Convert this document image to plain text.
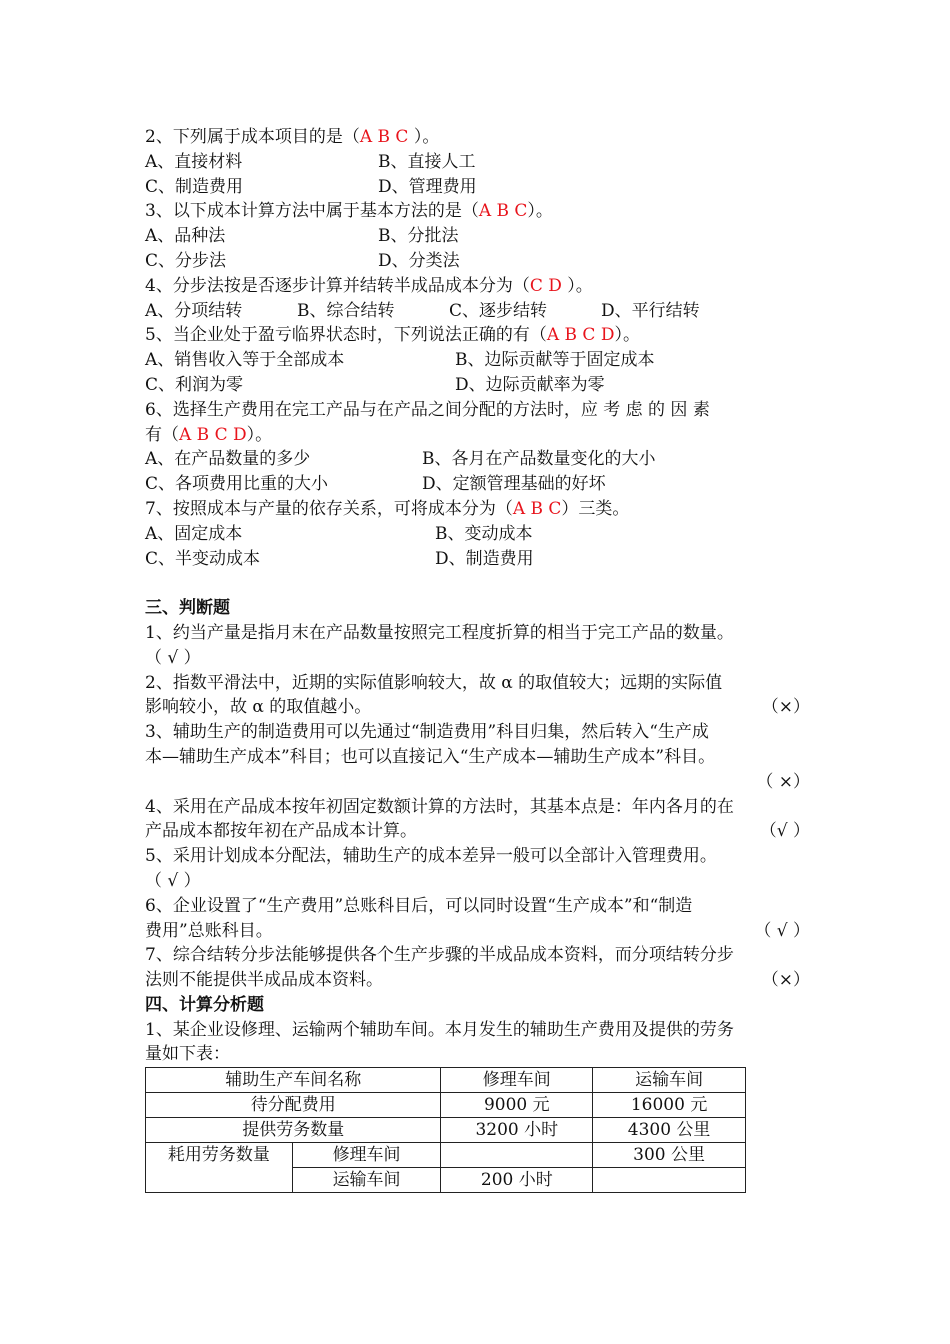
2、下列属于成本项目的是（A B C ）。
A、直接材料	B、直接人工
C、制造费用	D、管理费用
3、以下成本计算方法中属于基本方法的是（A B C）。
A、品种法	B、分批法
C、分步法	D、分类法
4、分步法按是否逐步计算并结转半成品成本分为（C D ）。
A、分项结转	B、综合结转	C、逐步结转	D、平行结转
5、当企业处于盈亏临界状态时，下列说法正确的有（A B C D）。
A、销售收入等于全部成本	B、边际贡献等于固定成本
C、利润为零	D、边际贡献率为零
6、选择生产费用在完工产品与在产品之间分配的方法时，应 考 虑 的 因 素
有（A B C D）。
A、在产品数量的多少	B、各月在产品数量变化的大小
C、各项费用比重的大小	D、定额管理基础的好坏
7、按照成本与产量的依存关系，可将成本分为（A B C）三类。
A、固定成本	B、变动成本
C、半变动成本	D、制造费用
三、判断题
1、约当产量是指月末在产品数量按照完工程度折算的相当于完工产品的数量。
（ √ ）
2、指数平滑法中，近期的实际值影响较大，故 α 的取值较大；远期的实际值
影响较小，故 α 的取值越小。	（×）
3、辅助生产的制造费用可以先通过“制造费用”科目归集，然后转入“生产成
本—辅助生产成本”科目；也可以直接记入“生产成本—辅助生产成本”科目。
（ ×）
4、采用在产品成本按年初固定数额计算的方法时，其基本点是：年内各月的在
产品成本都按年初在产品成本计算。	（√ ）
5、采用计划成本分配法，辅助生产的成本差异一般可以全部计入管理费用。
（ √ ）
6、企业设置了“生产费用”总账科目后，可以同时设置“生产成本”和“制造
费用”总账科目。	（ √ ）
7、综合结转分步法能够提供各个生产步骤的半成品成本资料，而分项结转分步
法则不能提供半成品成本资料。	（×）
四、计算分析题
1、某企业设修理、运输两个辅助车间。本月发生的辅助生产费用及提供的劳务
量如下表：
辅助生产车间名称		修理车间	运输车间
待分配费用		9000 元	16000 元
提供劳务数量		3200 小时	4300 公里
耗用劳务数量	修理车间		300 公里
	运输车间	200 小时	
